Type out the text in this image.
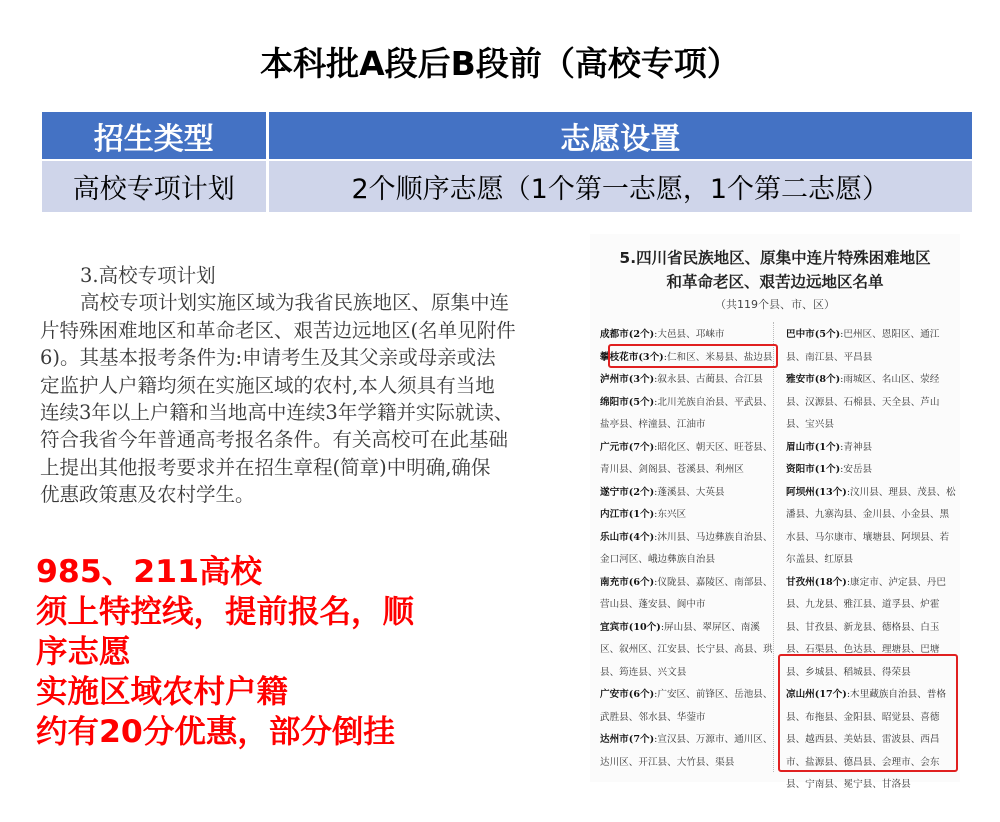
本科批A段后B段前（高校专项）
招生类型	志愿设置
高校专项计划	2个顺序志愿（1个第一志愿，1个第二志愿）

3.高校专项计划

高校专项计划实施区域为我省民族地区、原集中连

片特殊困难地区和革命老区、艰苦边远地区(名单见附件

6)。其基本报考条件为:申请考生及其父亲或母亲或法

定监护人户籍均须在实施区域的农村,本人须具有当地

连续3年以上户籍和当地高中连续3年学籍并实际就读、

符合我省今年普通高考报名条件。有关高校可在此基础

上提出其他报考要求并在招生章程(简章)中明确,确保

优惠政策惠及农村学生。

985、211高校
须上特控线，提前报名，顺
序志愿
实施区域农村户籍
约有20分优惠，部分倒挂
5.四川省民族地区、原集中连片特殊困难地区
和革命老区、艰苦边远地区名单
（共119个县、市、区）
成都市(2个):大邑县、邛崃市
攀枝花市(3个):仁和区、米易县、盐边县
泸州市(3个):叙永县、古蔺县、合江县
绵阳市(5个):北川羌族自治县、平武县、盐亭县、梓潼县、江油市
广元市(7个):昭化区、朝天区、旺苍县、青川县、剑阁县、苍溪县、利州区
遂宁市(2个):蓬溪县、大英县
内江市(1个):东兴区
乐山市(4个):沐川县、马边彝族自治县、金口河区、峨边彝族自治县
南充市(6个):仪陇县、嘉陵区、南部县、营山县、蓬安县、阆中市
宜宾市(10个):屏山县、翠屏区、南溪区、叙州区、江安县、长宁县、高县、珙县、筠连县、兴文县
广安市(6个):广安区、前锋区、岳池县、武胜县、邻水县、华蓥市
达州市(7个):宣汉县、万源市、通川区、达川区、开江县、大竹县、渠县
巴中市(5个):巴州区、恩阳区、通江县、南江县、平昌县
雅安市(8个):雨城区、名山区、荥经县、汉源县、石棉县、天全县、芦山县、宝兴县
眉山市(1个):青神县
资阳市(1个):安岳县
阿坝州(13个):汶川县、理县、茂县、松潘县、九寨沟县、金川县、小金县、黑水县、马尔康市、壤塘县、阿坝县、若尔盖县、红原县
甘孜州(18个):康定市、泸定县、丹巴县、九龙县、雅江县、道孚县、炉霍县、甘孜县、新龙县、德格县、白玉县、石渠县、色达县、理塘县、巴塘县、乡城县、稻城县、得荣县
凉山州(17个):木里藏族自治县、普格县、布拖县、金阳县、昭觉县、喜德县、越西县、美姑县、雷波县、西昌市、盐源县、德昌县、会理市、会东县、宁南县、冕宁县、甘洛县
